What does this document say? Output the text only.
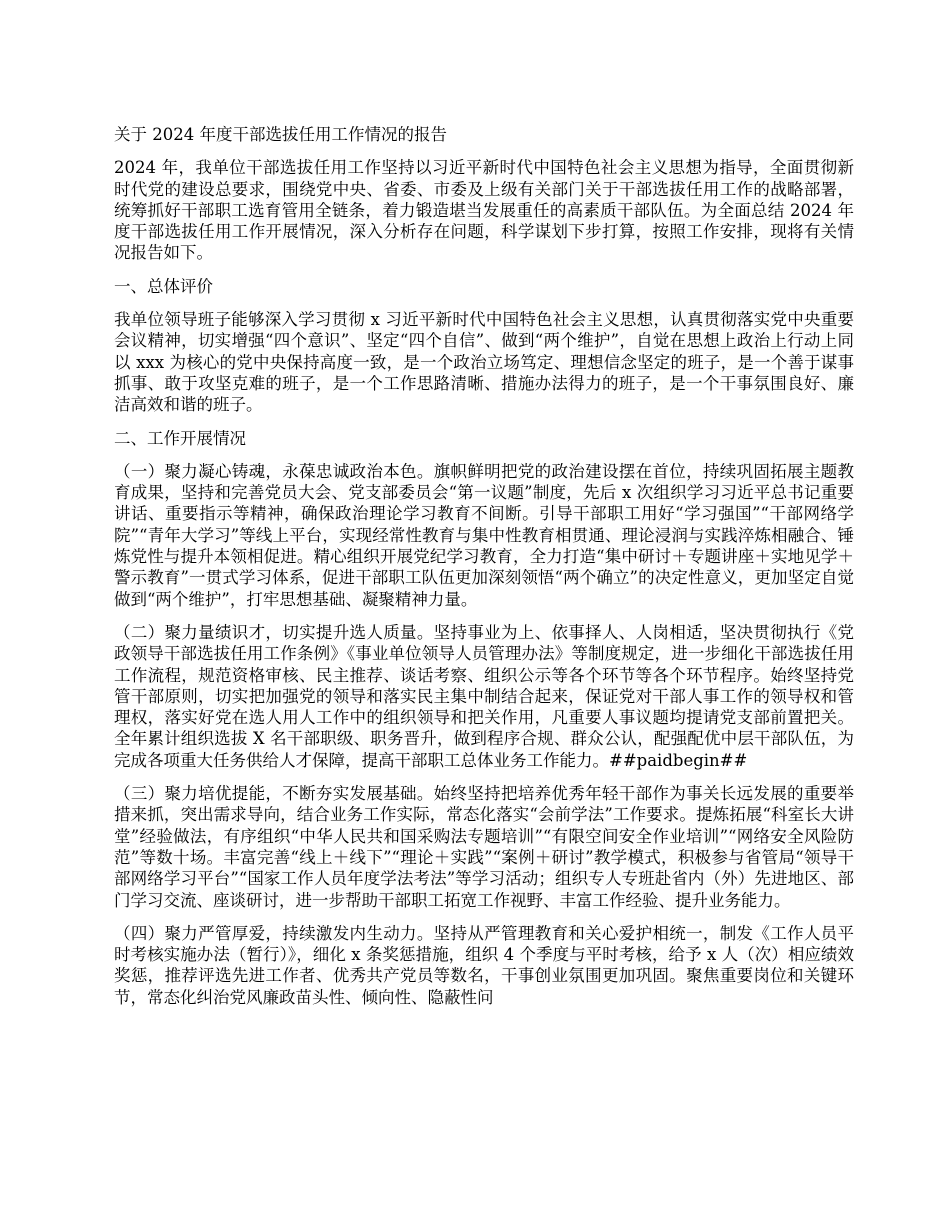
关于 2024 年度干部选拔任用工作情况的报告

2024 年，我单位干部选拔任用工作坚持以习近平新时代中国特色社会主义思想为指导，全面贯彻新时代党的建设总要求，围绕党中央、省委、市委及上级有关部门关于干部选拔任用工作的战略部署，统筹抓好干部职工选育管用全链条，着力锻造堪当发展重任的高素质干部队伍。为全面总结 2024 年度干部选拔任用工作开展情况，深入分析存在问题，科学谋划下步打算，按照工作安排，现将有关情况报告如下。

一、总体评价

我单位领导班子能够深入学习贯彻 x 习近平新时代中国特色社会主义思想，认真贯彻落实党中央重要会议精神，切实增强“四个意识”、坚定“四个自信”、做到“两个维护”，自觉在思想上政治上行动上同以 xxx 为核心的党中央保持高度一致，是一个政治立场笃定、理想信念坚定的班子，是一个善于谋事抓事、敢于攻坚克难的班子，是一个工作思路清晰、措施办法得力的班子，是一个干事氛围良好、廉洁高效和谐的班子。

二、工作开展情况

（一）聚力凝心铸魂，永葆忠诚政治本色。旗帜鲜明把党的政治建设摆在首位，持续巩固拓展主题教育成果，坚持和完善党员大会、党支部委员会“第一议题”制度，先后 x 次组织学习习近平总书记重要讲话、重要指示等精神，确保政治理论学习教育不间断。引导干部职工用好“学习强国”“干部网络学院”“青年大学习”等线上平台，实现经常性教育与集中性教育相贯通、理论浸润与实践淬炼相融合、锤炼党性与提升本领相促进。精心组织开展党纪学习教育，全力打造“集中研讨＋专题讲座＋实地见学＋警示教育”一贯式学习体系，促进干部职工队伍更加深刻领悟“两个确立”的决定性意义，更加坚定自觉做到“两个维护”，打牢思想基础、凝聚精神力量。

（二）聚力量绩识才，切实提升选人质量。坚持事业为上、依事择人、人岗相适，坚决贯彻执行《党政领导干部选拔任用工作条例》《事业单位领导人员管理办法》等制度规定，进一步细化干部选拔任用工作流程，规范资格审核、民主推荐、谈话考察、组织公示等各个环节等各个环节程序。始终坚持党管干部原则，切实把加强党的领导和落实民主集中制结合起来，保证党对干部人事工作的领导权和管理权，落实好党在选人用人工作中的组织领导和把关作用，凡重要人事议题均提请党支部前置把关。全年累计组织选拔 X 名干部职级、职务晋升，做到程序合规、群众公认，配强配优中层干部队伍，为完成各项重大任务供给人才保障，提高干部职工总体业务工作能力。##paidbegin##

（三）聚力培优提能，不断夯实发展基础。始终坚持把培养优秀年轻干部作为事关长远发展的重要举措来抓，突出需求导向，结合业务工作实际，常态化落实“会前学法”工作要求。提炼拓展“科室长大讲堂”经验做法，有序组织“中华人民共和国采购法专题培训”“有限空间安全作业培训”“网络安全风险防范”等数十场。丰富完善“线上＋线下”“理论＋实践”“案例＋研讨”教学模式，积极参与省管局“领导干部网络学习平台”“国家工作人员年度学法考法”等学习活动；组织专人专班赴省内（外）先进地区、部门学习交流、座谈研讨，进一步帮助干部职工拓宽工作视野、丰富工作经验、提升业务能力。

（四）聚力严管厚爱，持续激发内生动力。坚持从严管理教育和关心爱护相统一，制发《工作人员平时考核实施办法（暂行）》，细化 x 条奖惩措施，组织 4 个季度与平时考核，给予 x 人（次）相应绩效奖惩，推荐评选先进工作者、优秀共产党员等数名，干事创业氛围更加巩固。聚焦重要岗位和关键环节，常态化纠治党风廉政苗头性、倾向性、隐蔽性问
